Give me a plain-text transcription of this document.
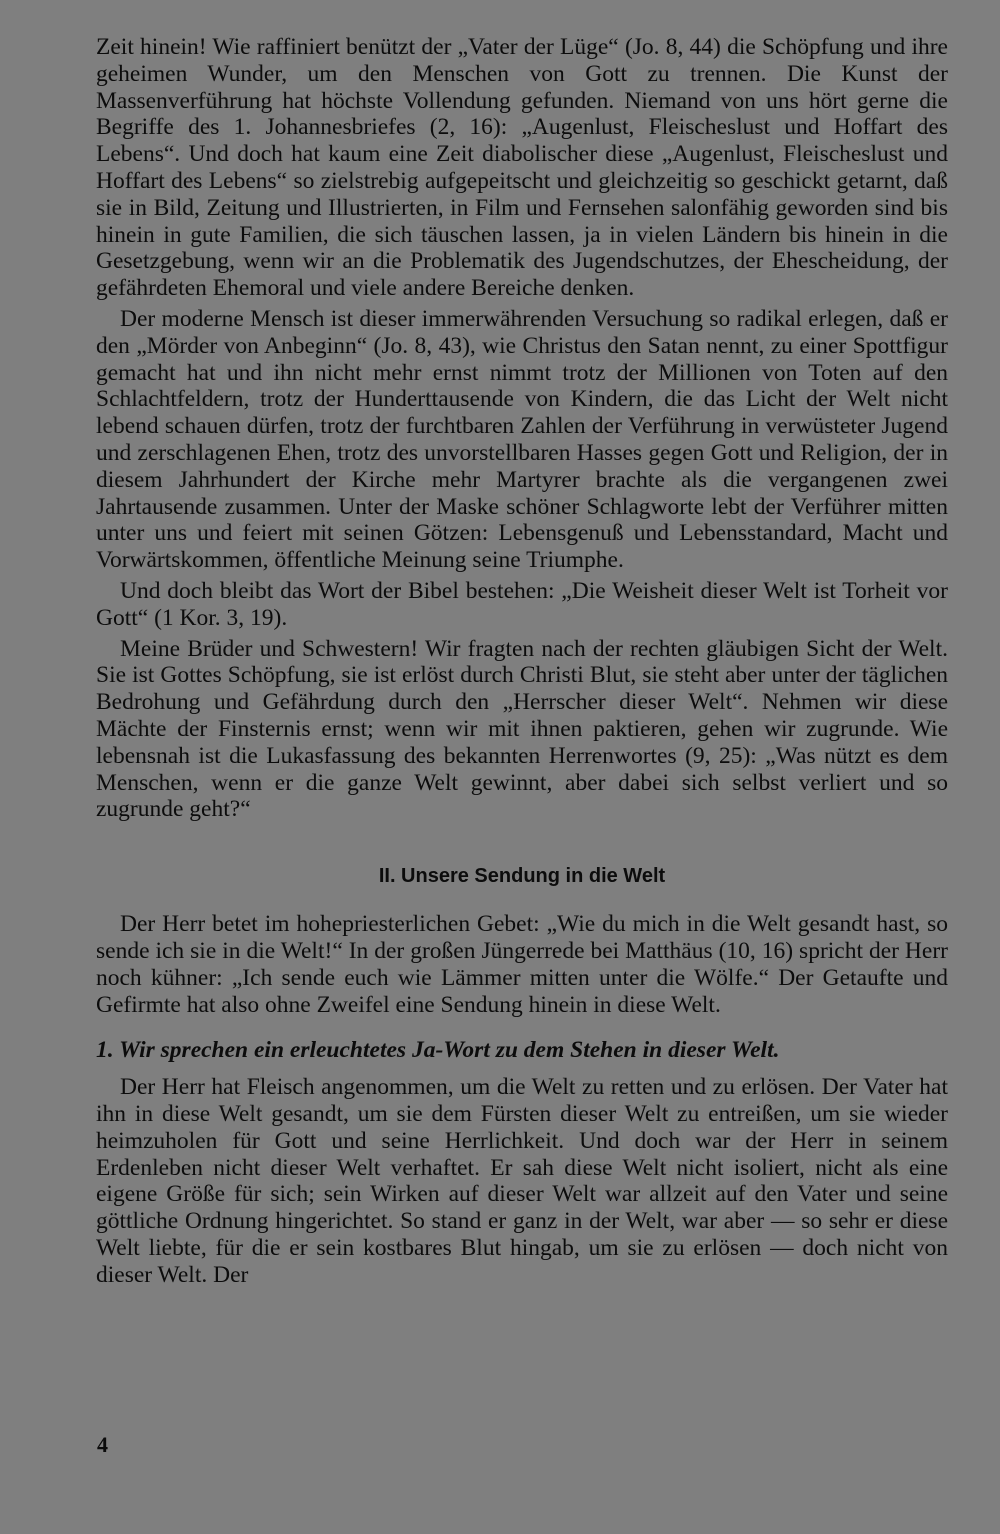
Zeit hinein! Wie raffiniert benützt der „Vater der Lüge“ (Jo. 8, 44) die Schöpfung und ihre geheimen Wunder, um den Menschen von Gott zu trennen. Die Kunst der Massenverführung hat höchste Vollendung gefunden. Niemand von uns hört gerne die Begriffe des 1. Johannesbriefes (2, 16): „Augenlust, Fleischeslust und Hoffart des Lebens“. Und doch hat kaum eine Zeit diabolischer diese „Augenlust, Fleischeslust und Hoffart des Lebens“ so zielstrebig aufgepeitscht und gleichzeitig so geschickt getarnt, daß sie in Bild, Zeitung und Illustrierten, in Film und Fernsehen salonfähig geworden sind bis hinein in gute Familien, die sich täuschen lassen, ja in vielen Ländern bis hinein in die Gesetzgebung, wenn wir an die Problematik des Jugendschutzes, der Ehescheidung, der gefährdeten Ehemoral und viele andere Bereiche denken.

Der moderne Mensch ist dieser immerwährenden Versuchung so radikal erlegen, daß er den „Mörder von Anbeginn“ (Jo. 8, 43), wie Christus den Satan nennt, zu einer Spottfigur gemacht hat und ihn nicht mehr ernst nimmt trotz der Millionen von Toten auf den Schlachtfeldern, trotz der Hunderttausende von Kindern, die das Licht der Welt nicht lebend schauen dürfen, trotz der furchtbaren Zahlen der Verführung in verwüsteter Jugend und zerschlagenen Ehen, trotz des unvorstellbaren Hasses gegen Gott und Religion, der in diesem Jahrhundert der Kirche mehr Martyrer brachte als die vergangenen zwei Jahrtausende zusammen. Unter der Maske schöner Schlagworte lebt der Verführer mitten unter uns und feiert mit seinen Götzen: Lebensgenuß und Lebensstandard, Macht und Vorwärtskommen, öffentliche Meinung seine Triumphe.

Und doch bleibt das Wort der Bibel bestehen: „Die Weisheit dieser Welt ist Torheit vor Gott“ (1 Kor. 3, 19).

Meine Brüder und Schwestern! Wir fragten nach der rechten gläubigen Sicht der Welt. Sie ist Gottes Schöpfung, sie ist erlöst durch Christi Blut, sie steht aber unter der täglichen Bedrohung und Gefährdung durch den „Herrscher dieser Welt“. Nehmen wir diese Mächte der Finsternis ernst; wenn wir mit ihnen paktieren, gehen wir zugrunde. Wie lebensnah ist die Lukasfassung des bekannten Herrenwortes (9, 25): „Was nützt es dem Menschen, wenn er die ganze Welt gewinnt, aber dabei sich selbst verliert und so zugrunde geht?“

II. Unsere Sendung in die Welt

Der Herr betet im hohepriesterlichen Gebet: „Wie du mich in die Welt gesandt hast, so sende ich sie in die Welt!“ In der großen Jüngerrede bei Matthäus (10, 16) spricht der Herr noch kühner: „Ich sende euch wie Lämmer mitten unter die Wölfe.“ Der Getaufte und Gefirmte hat also ohne Zweifel eine Sendung hinein in diese Welt.

1. Wir sprechen ein erleuchtetes Ja-Wort zu dem Stehen in dieser Welt.

Der Herr hat Fleisch angenommen, um die Welt zu retten und zu erlösen. Der Vater hat ihn in diese Welt gesandt, um sie dem Fürsten dieser Welt zu entreißen, um sie wieder heimzuholen für Gott und seine Herrlichkeit. Und doch war der Herr in seinem Erdenleben nicht dieser Welt verhaftet. Er sah diese Welt nicht isoliert, nicht als eine eigene Größe für sich; sein Wirken auf dieser Welt war allzeit auf den Vater und seine göttliche Ordnung hingerichtet. So stand er ganz in der Welt, war aber — so sehr er diese Welt liebte, für die er sein kostbares Blut hingab, um sie zu erlösen — doch nicht von dieser Welt. Der

4
